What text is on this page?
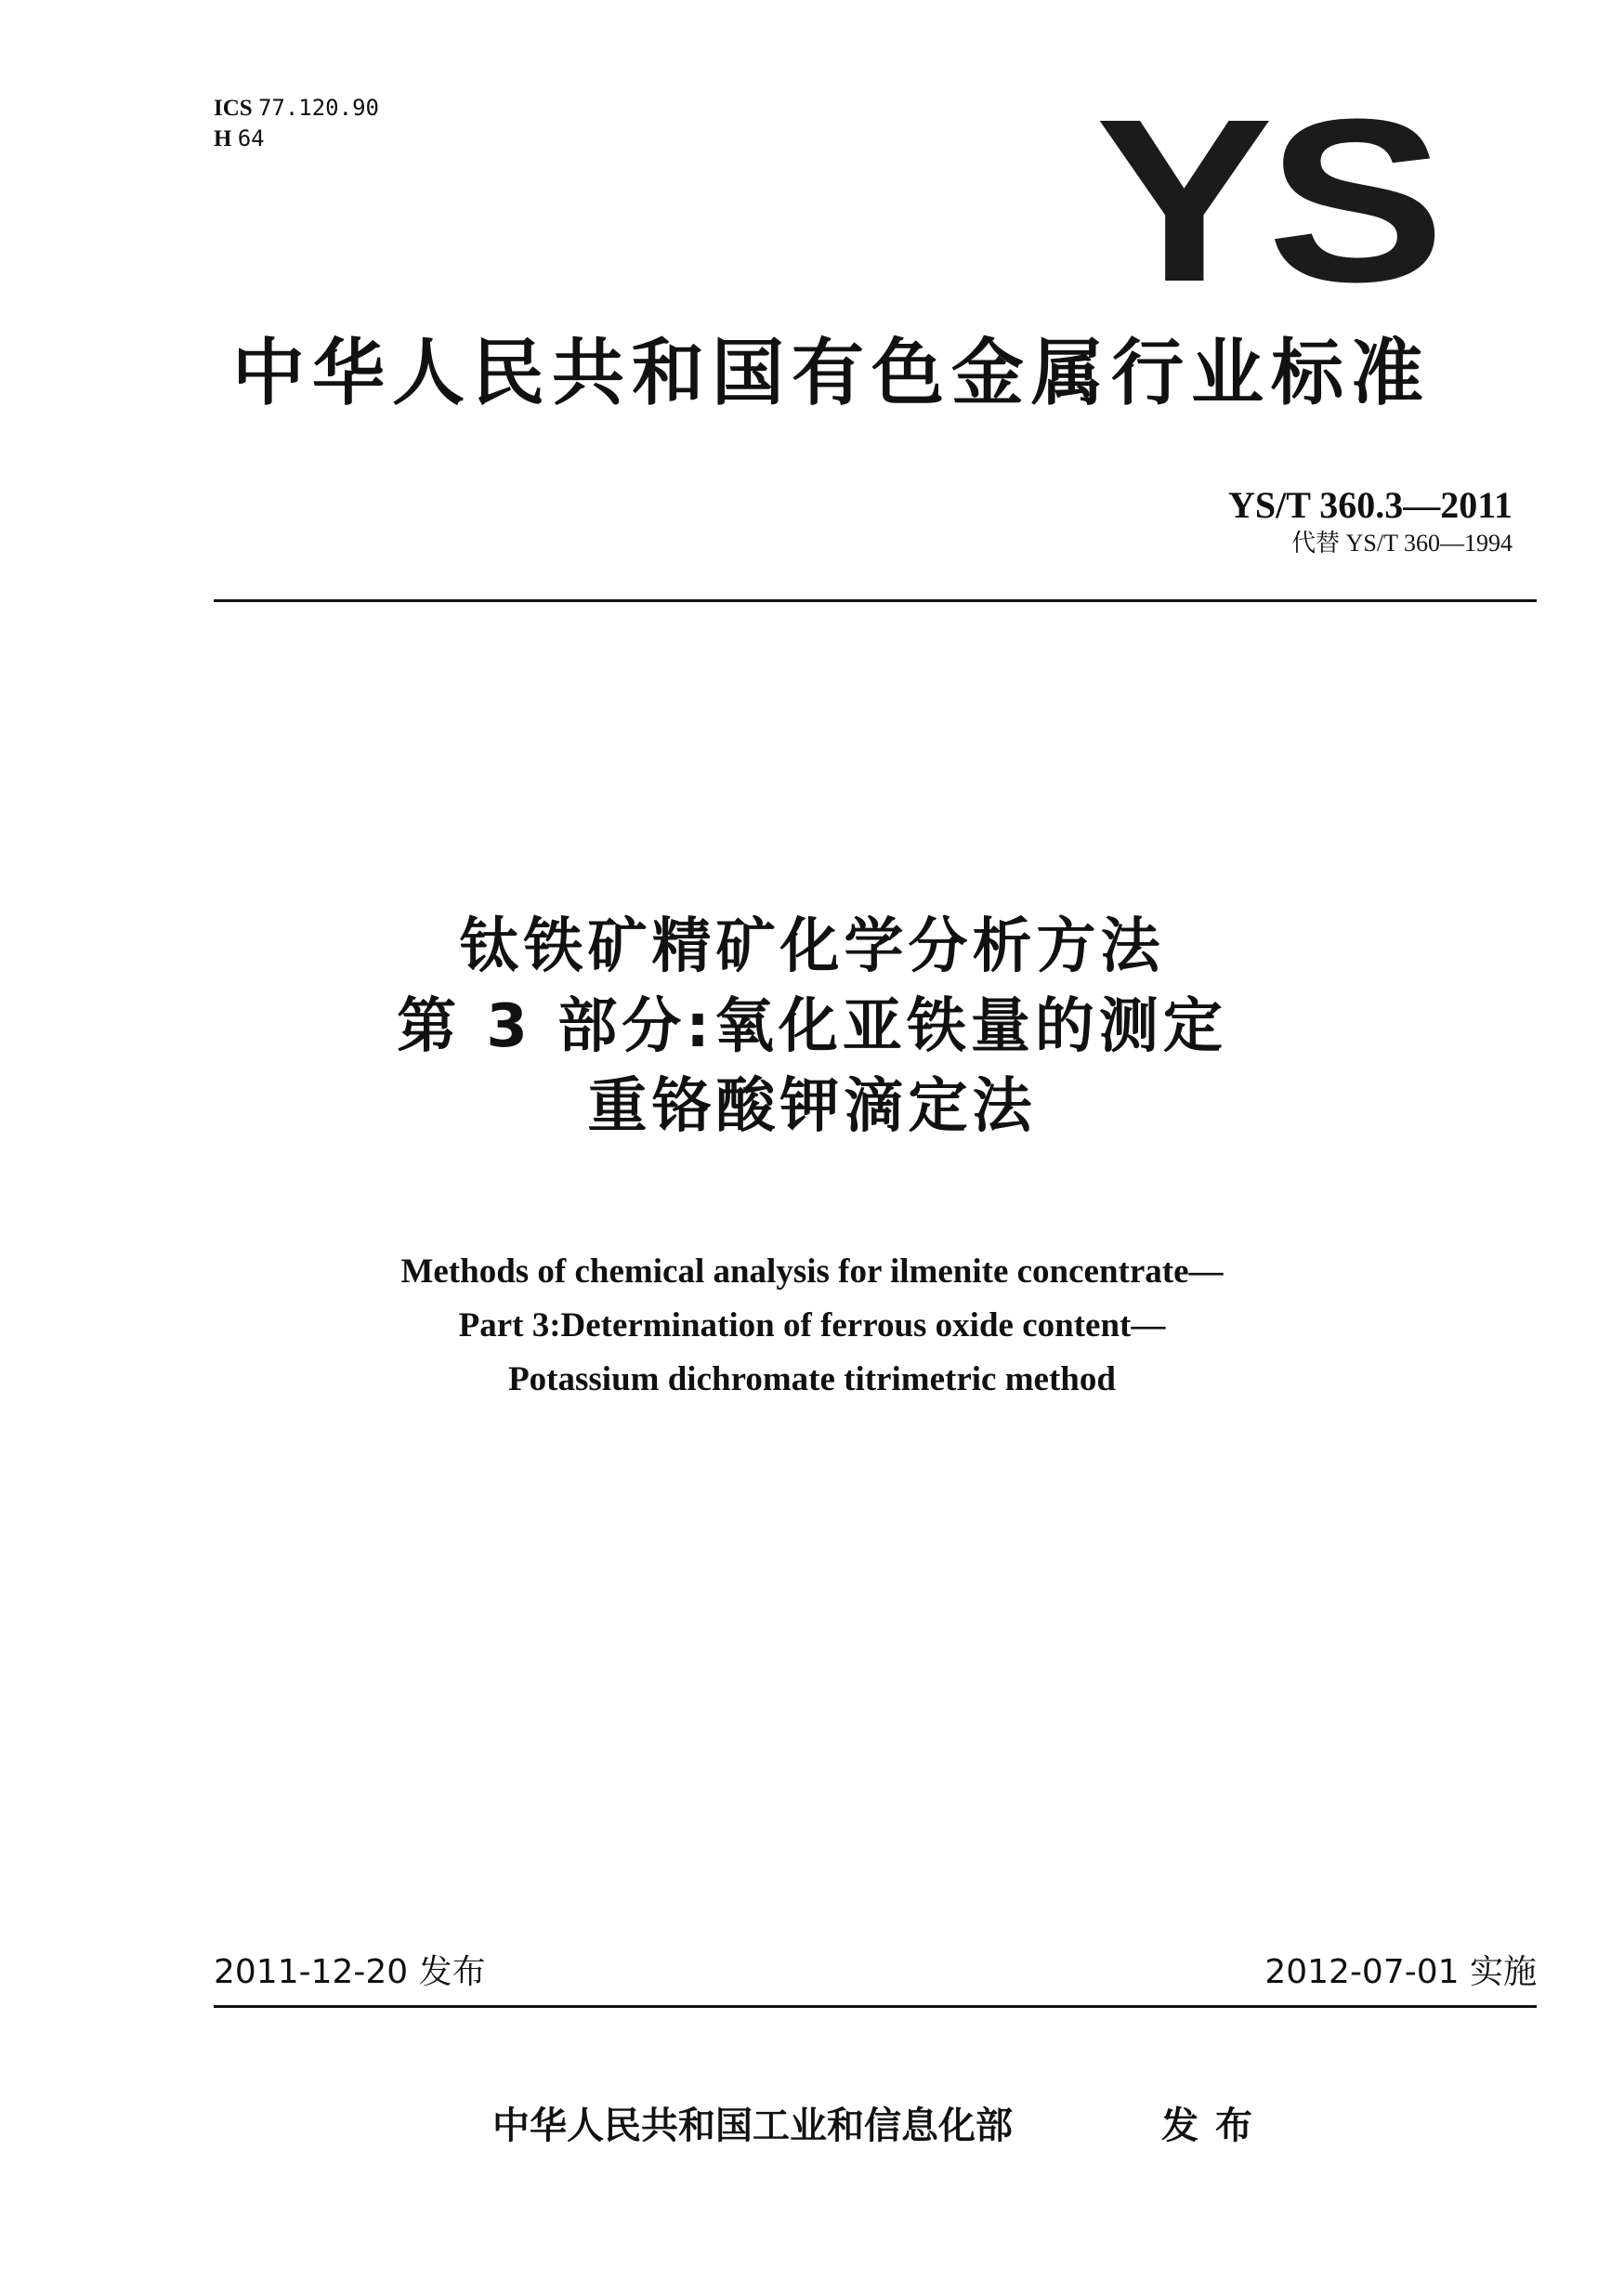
ICS 77.120.90
H 64	YS
中华人民共和国有色金属行业标准
YS/T 360.3—2011
代替 YS/T 360—1994
钛铁矿精矿化学分析方法
第 3 部分:氧化亚铁量的测定
重铬酸钾滴定法
Methods of chemical analysis for ilmenite concentrate—
Part 3:Determination of ferrous oxide content—
Potassium dichromate titrimetric method
2011-12-20 发布	2012-07-01 实施
中华人民共和国工业和信息化部	发布
